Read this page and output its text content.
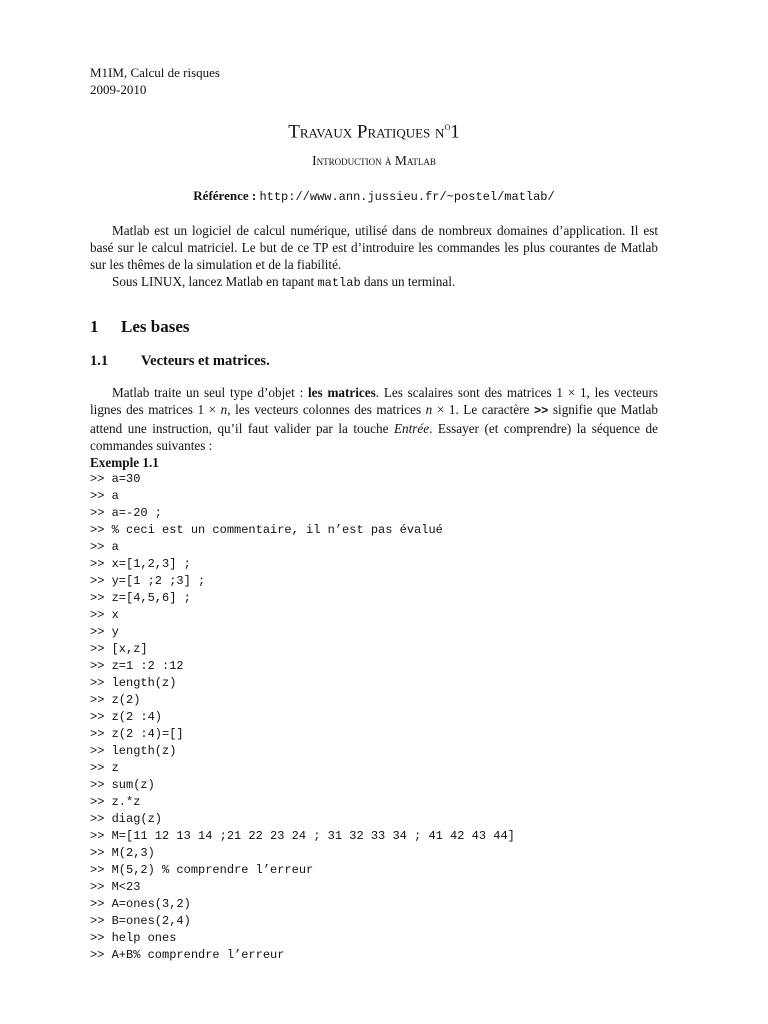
M1IM, Calcul de risques
2009-2010
Travaux Pratiques $n^o1$
Introduction à Matlab
Référence : http://www.ann.jussieu.fr/~postel/matlab/

Matlab est un logiciel de calcul numérique, utilisé dans de nombreux domaines d’application. Il est basé sur le calcul matriciel. Le but de ce TP est d’introduire les commandes les plus courantes de Matlab sur les thêmes de la simulation et de la fiabilité.

Sous LINUX, lancez Matlab en tapant matlab dans un terminal.

1 Les bases
1.1 Vecteurs et matrices.

Matlab traite un seul type d’objet : les matrices. Les scalaires sont des matrices 1 × 1, les vecteurs lignes des matrices 1 × n, les vecteurs colonnes des matrices n × 1. Le caractère >> signifie que Matlab attend une instruction, qu’il faut valider par la touche Entrée. Essayer (et comprendre) la séquence de commandes suivantes :

Exemple 1.1
>> a=30
>> a
>> a=-20 ;
>> % ceci est un commentaire, il n’est pas évalué
>> a
>> x=[1,2,3] ;
>> y=[1 ;2 ;3] ;
>> z=[4,5,6] ;
>> x
>> y
>> [x,z]
>> z=1 :2 :12
>> length(z)
>> z(2)
>> z(2 :4)
>> z(2 :4)=[]
>> length(z)
>> z
>> sum(z)
>> z.*z
>> diag(z)
>> M=[11 12 13 14 ;21 22 23 24 ; 31 32 33 34 ; 41 42 43 44]
>> M(2,3)
>> M(5,2) % comprendre l’erreur
>> M<23
>> A=ones(3,2)
>> B=ones(2,4)
>> help ones
>> A+B% comprendre l’erreur
